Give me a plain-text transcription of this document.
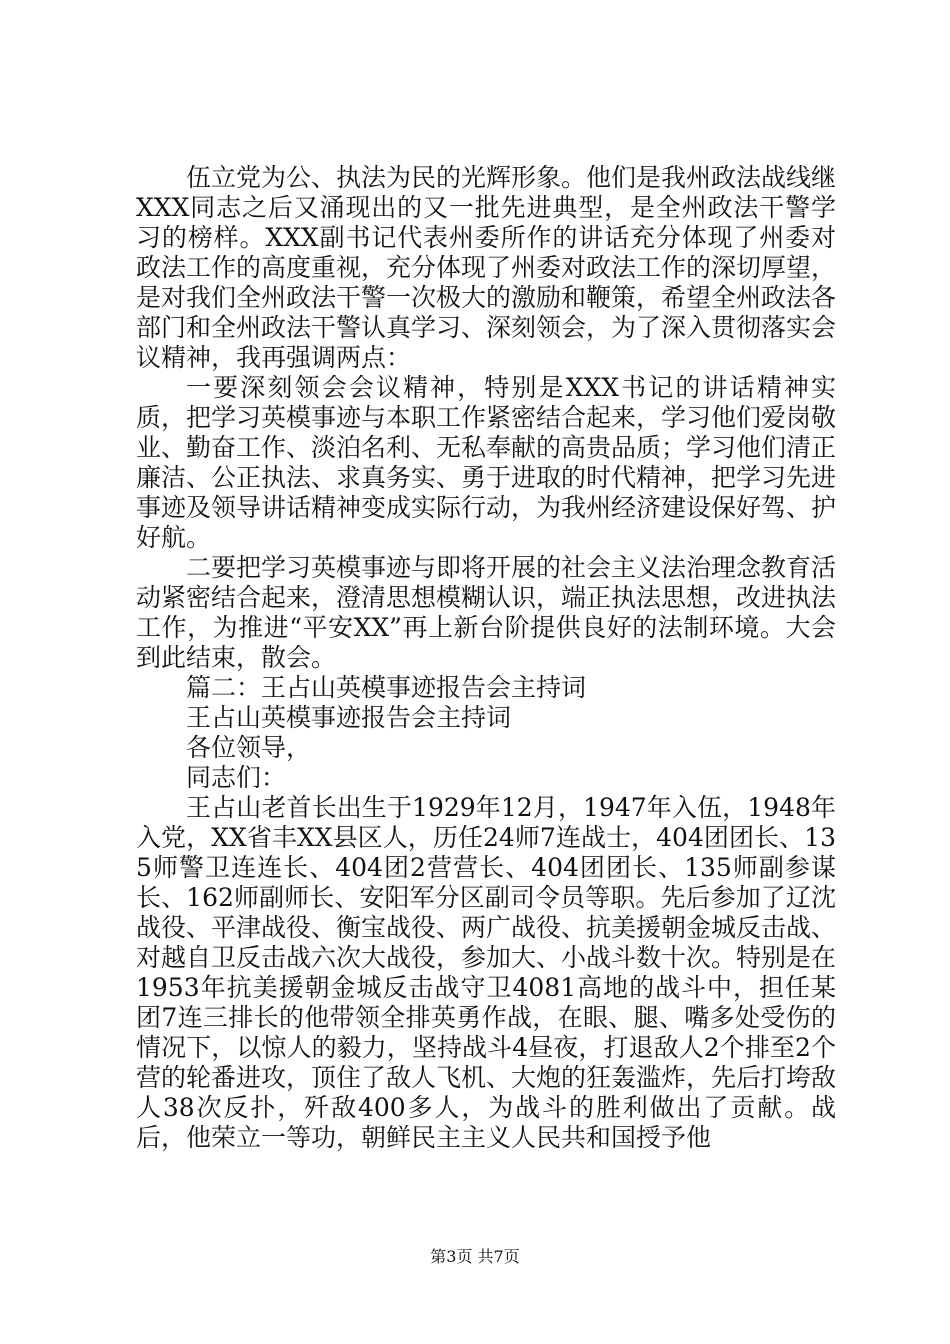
伍立党为公、执法为民的光辉形象。他们是我州政法战线继XXX同志之后又涌现出的又一批先进典型，是全州政法干警学习的榜样。XXX副书记代表州委所作的讲话充分体现了州委对政法工作的高度重视，充分体现了州委对政法工作的深切厚望，是对我们全州政法干警一次极大的激励和鞭策，希望全州政法各部门和全州政法干警认真学习、深刻领会，为了深入贯彻落实会议精神，我再强调两点：

一要深刻领会会议精神，特别是XXX书记的讲话精神实质，把学习英模事迹与本职工作紧密结合起来，学习他们爱岗敬业、勤奋工作、淡泊名利、无私奉献的高贵品质；学习他们清正廉洁、公正执法、求真务实、勇于进取的时代精神，把学习先进事迹及领导讲话精神变成实际行动，为我州经济建设保好驾、护好航。

二要把学习英模事迹与即将开展的社会主义法治理念教育活动紧密结合起来，澄清思想模糊认识，端正执法思想，改进执法工作，为推进“平安XX”再上新台阶提供良好的法制环境。大会到此结束，散会。

篇二：王占山英模事迹报告会主持词

王占山英模事迹报告会主持词

各位领导，

同志们：

王占山老首长出生于1929年12月，1947年入伍，1948年入党，XX省丰XX县区人，历任24师7连战士，404团团长、135师警卫连连长、404团2营营长、404团团长、135师副参谋长、162师副师长、安阳军分区副司令员等职。先后参加了辽沈战役、平津战役、衡宝战役、两广战役、抗美援朝金城反击战、对越自卫反击战六次大战役，参加大、小战斗数十次。特别是在1953年抗美援朝金城反击战守卫4081高地的战斗中，担任某团7连三排长的他带领全排英勇作战，在眼、腿、嘴多处受伤的情况下，以惊人的毅力，坚持战斗4昼夜，打退敌人2个排至2个营的轮番进攻，顶住了敌人飞机、大炮的狂轰滥炸，先后打垮敌人38次反扑，歼敌400多人，为战斗的胜利做出了贡献。战后，他荣立一等功，朝鲜民主主义人民共和国授予他

第3页 共7页
